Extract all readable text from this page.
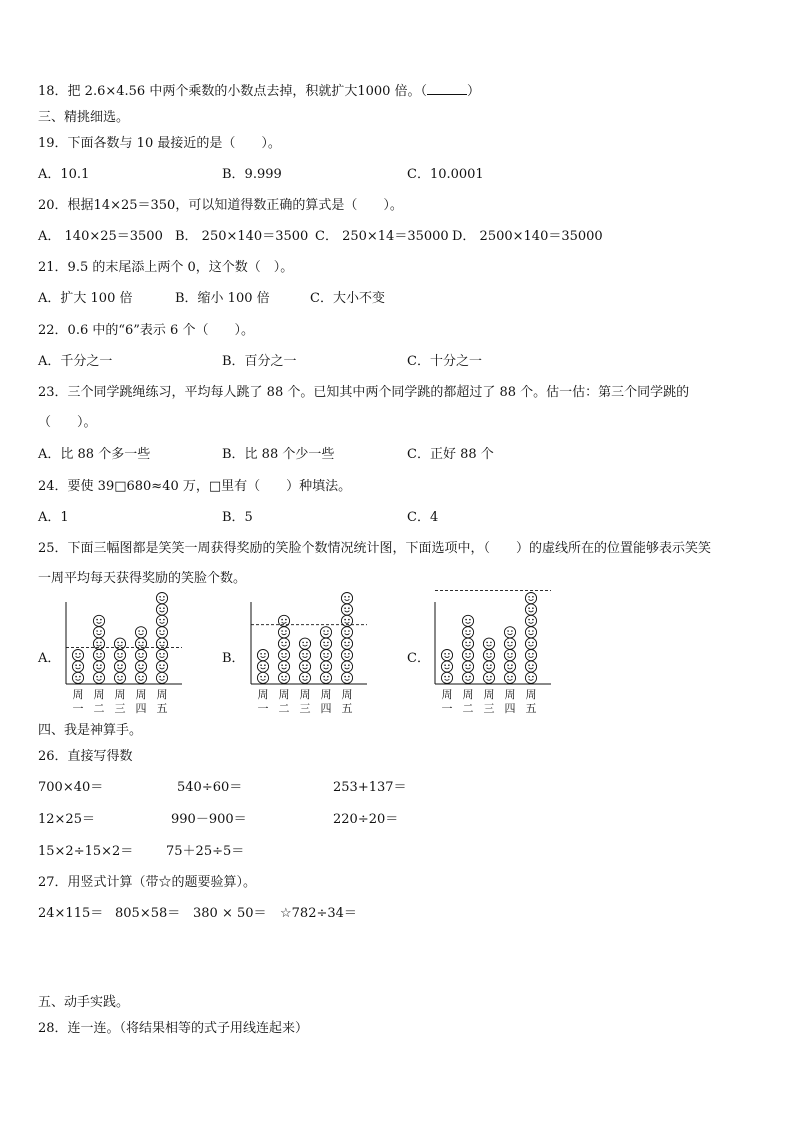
18．把 2.6×4.56 中两个乘数的小数点去掉，积就扩大1000 倍。（	）
三、精挑细选。
19．下面各数与 10 最接近的是（　　）。
A．10.1	B．9.999	C．10.0001
20．根据14×25＝350，可以知道得数正确的算式是（　　）。
A． 140×25＝3500 B． 250×140＝3500 C． 250×14＝35000 D． 2500×140＝35000
21．9.5 的末尾添上两个 0，这个数（　）。
A．扩大 100 倍	B．缩小 100 倍	C．大小不变
22．0.6 中的“6”表示 6 个（　　）。
A．千分之一	B．百分之一	C．十分之一
23．三个同学跳绳练习，平均每人跳了 88 个。已知其中两个同学跳的都超过了 88 个。估一估：第三个同学跳的
（　　）。
A．比 88 个多一些	B．比 88 个少一些	C．正好 88 个
24．要使 39□680≈40 万，□里有（　　）种填法。
A．1	B．5	C．4
25．下面三幅图都是笑笑一周获得奖励的笑脸个数情况统计图，下面选项中，（　　）的虚线所在的位置能够表示笑笑
一周平均每天获得奖励的笑脸个数。
A．
周
一
周
二
周
三
周
四
周
五
B．
周
一
周
二
周
三
周
四
周
五
C．
周
一
周
二
周
三
周
四
周
五
四、我是神算手。
26．直接写得数
700×40＝	540÷60＝	253+137＝
12×25＝	990－900＝	220÷20＝
15×2÷15×2＝	75＋25÷5＝
27．用竖式计算（带☆的题要验算）。
24×115＝ 805×58＝ 380 × 50＝ ☆782÷34＝
五、动手实践。
28．连一连。（将结果相等的式子用线连起来）
